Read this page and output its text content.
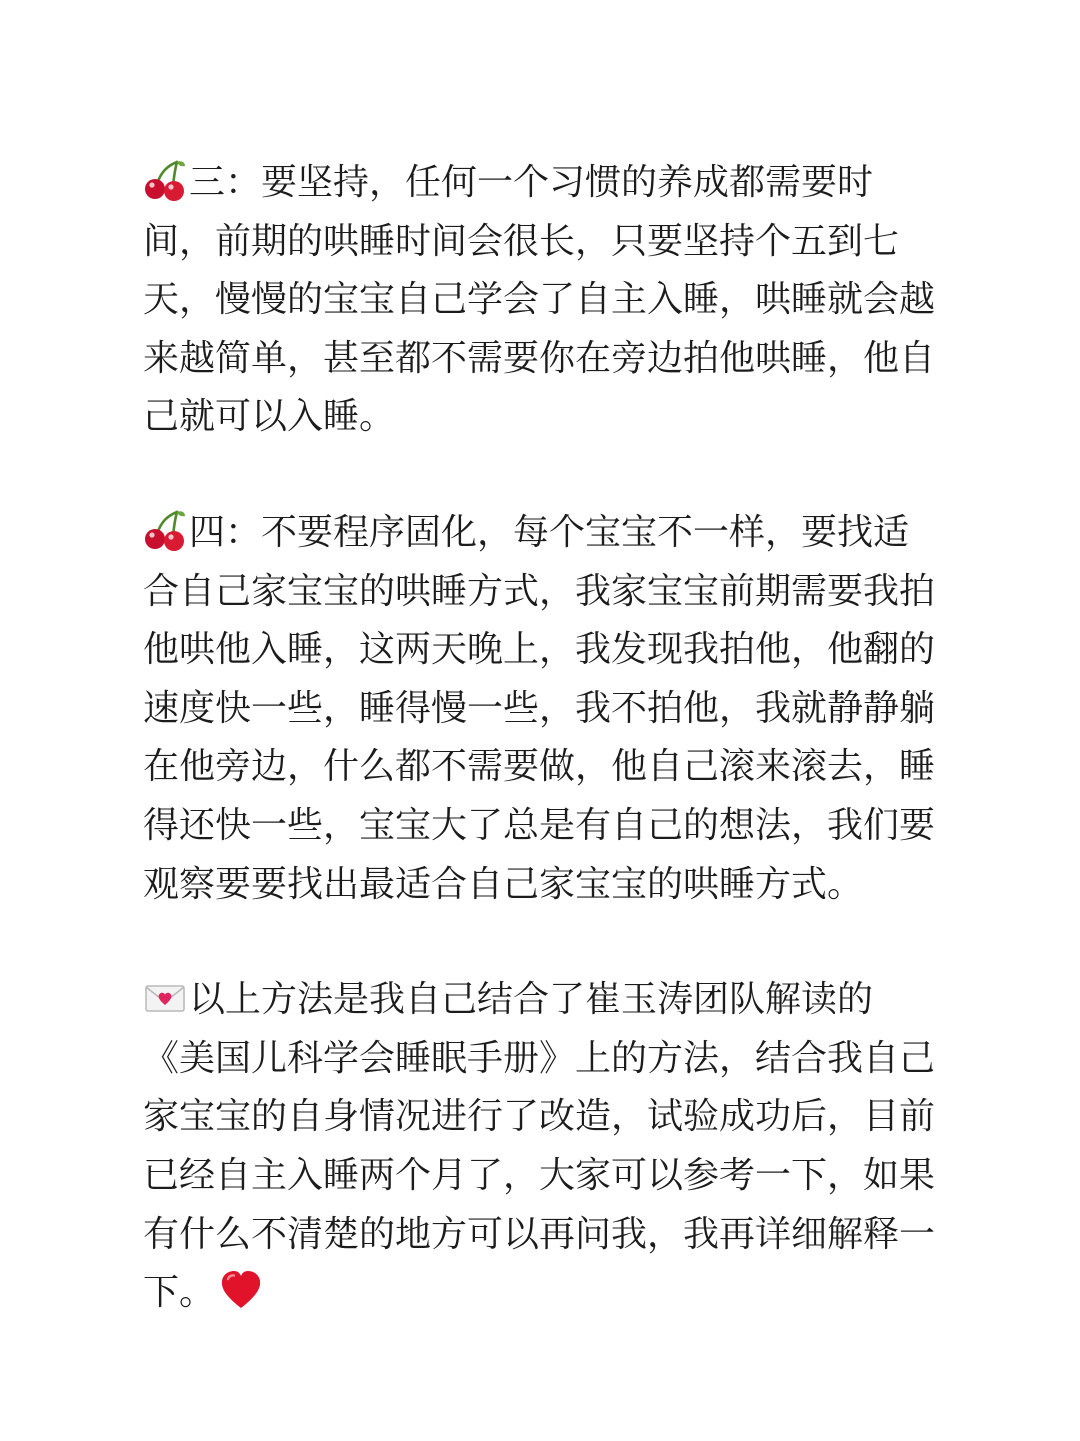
三：要坚持，任何一个习惯的养成都需要时间，前期的哄睡时间会很长，只要坚持个五到七天，慢慢的宝宝自己学会了自主入睡，哄睡就会越来越简单，甚至都不需要你在旁边拍他哄睡，他自己就可以入睡。

四：不要程序固化，每个宝宝不一样，要找适合自己家宝宝的哄睡方式，我家宝宝前期需要我拍他哄他入睡，这两天晚上，我发现我拍他，他翻的速度快一些，睡得慢一些，我不拍他，我就静静躺在他旁边，什么都不需要做，他自己滚来滚去，睡得还快一些，宝宝大了总是有自己的想法，我们要观察要要找出最适合自己家宝宝的哄睡方式。

以上方法是我自己结合了崔玉涛团队解读的《美国儿科学会睡眠手册》上的方法，结合我自己家宝宝的自身情况进行了改造，试验成功后，目前已经自主入睡两个月了，大家可以参考一下，如果有什么不清楚的地方可以再问我，我再详细解释一下。
